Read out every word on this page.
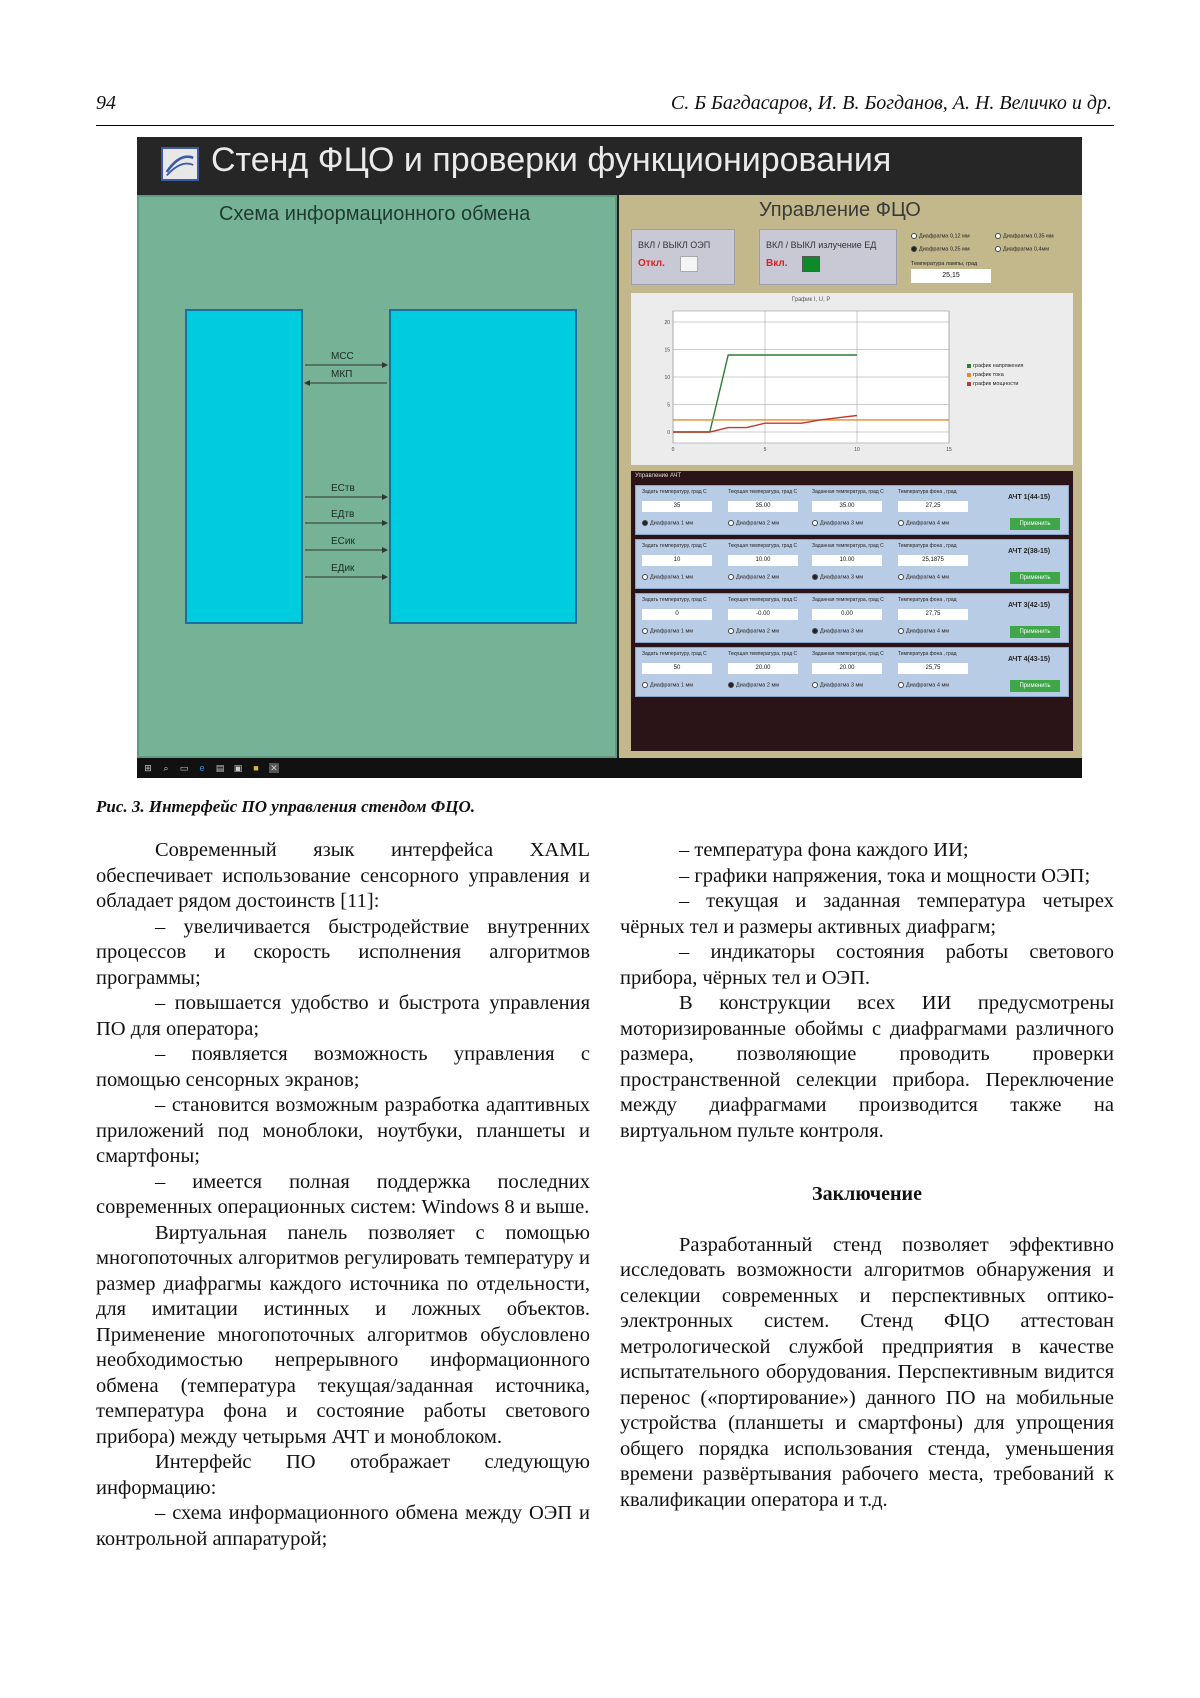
94	С. Б Багдасаров, И. В. Богданов, А. Н. Величко и др.
Стенд ФЦО и проверки функционирования
Схема информационного обмена
МСС
МКП
ЕСтв
ЕДтв
ЕСик
ЕДик
Управление ФЦО
ВКЛ / ВЫКЛ ОЭП
Откл.
ВКЛ / ВЫКЛ излучение ЕД
Вкл.
Диафрагма 0,12 мм	Диафрагма 0,35 мм
Диафрагма 0,25 мм	Диафрагма 0,4мм
Температура лампы, град
25,15
График I, U, P
20
15
10
5
0
0	5	10	15
график напряжения
график тока
график мощности
Управление АЧТ
Задать температуру, град С	Текущая температура, град С	Заданная температура, град С	Температура фона , град
35	35.00	35.00	27,25
АЧТ 1(44-15)
Диафрагма 1 мм	Диафрагма 2 мм	Диафрагма 3 мм	Диафрагма 4 мм	Применить
Задать температуру, град С	Текущая температура, град С	Заданная температура, град С	Температура фона , град
10	10.00	10.00	25,1875
АЧТ 2(38-15)
Диафрагма 1 мм	Диафрагма 2 мм	Диафрагма 3 мм	Диафрагма 4 мм	Применить
Задать температуру, град С	Текущая температура, град С	Заданная температура, град С	Температура фона , град
0	-0.00	0.00	27,75
АЧТ 3(42-15)
Диафрагма 1 мм	Диафрагма 2 мм	Диафрагма 3 мм	Диафрагма 4 мм	Применить
Задать температуру, град С	Текущая температура, град С	Заданная температура, град С	Температура фона , град
50	20.00	20.00	25,75
АЧТ 4(43-15)
Диафрагма 1 мм	Диафрагма 2 мм	Диафрагма 3 мм	Диафрагма 4 мм	Применить
⊞ ⌕ ▭ e ▤ ▣ ■ ✕
Рис. 3. Интерфейс ПО управления стендом ФЦО.

Современный язык интерфейса XAML обеспечивает использование сенсорного управления и обладает рядом достоинств [11]:

– увеличивается быстродействие внутренних процессов и скорость исполнения алгоритмов программы;

– повышается удобство и быстрота управления ПО для оператора;

– появляется возможность управления с помощью сенсорных экранов;

– становится возможным разработка адаптивных приложений под моноблоки, ноутбуки, планшеты и смартфоны;

– имеется полная поддержка последних современных операционных систем: Windows 8 и выше.

Виртуальная панель позволяет с помощью многопоточных алгоритмов регулировать температуру и размер диафрагмы каждого источника по отдельности, для имитации истинных и ложных объектов. Применение многопоточных алгоритмов обусловлено необходимостью непрерывного информационного обмена (температура текущая/заданная источника, температура фона и состояние работы светового прибора) между четырьмя АЧТ и моноблоком.

Интерфейс ПО отображает следующую информацию:

– схема информационного обмена между ОЭП и контрольной аппаратурой;

– температура фона каждого ИИ;

– графики напряжения, тока и мощности ОЭП;

– текущая и заданная температура четырех чёрных тел и размеры активных диафрагм;

– индикаторы состояния работы светового прибора, чёрных тел и ОЭП.

В конструкции всех ИИ предусмотрены моторизированные обоймы с диафрагмами различного размера, позволяющие проводить проверки пространственной селекции прибора. Переключение между диафрагмами производится также на виртуальном пульте контроля.

Заключение

Разработанный стенд позволяет эффективно исследовать возможности алгоритмов обнаружения и селекции современных и перспективных оптико-электронных систем. Стенд ФЦО аттестован метрологической службой предприятия в качестве испытательного оборудования. Перспективным видится перенос («портирование») данного ПО на мобильные устройства (планшеты и смартфоны) для упрощения общего порядка использования стенда, уменьшения времени развёртывания рабочего места, требований к квалификации оператора и т.д.
